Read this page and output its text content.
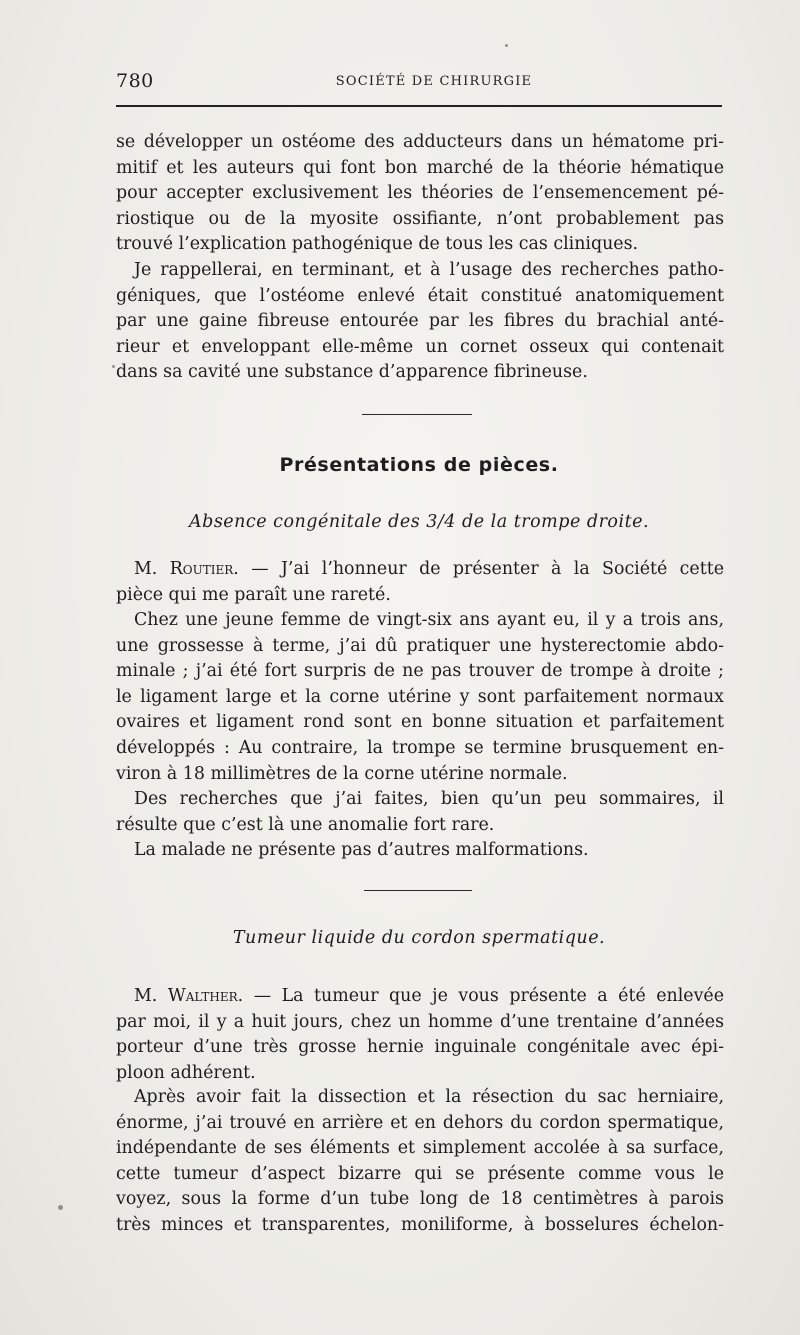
780	SOCIÉTÉ DE CHIRURGIE
se développer un ostéome des adducteurs dans un hématome pri-
mitif et les auteurs qui font bon marché de la théorie hématique
pour accepter exclusivement les théories de l’ensemencement pé-
riostique ou de la myosite ossifiante, n’ont probablement pas
trouvé l’explication pathogénique de tous les cas cliniques.
Je rappellerai, en terminant, et à l’usage des recherches patho-
géniques, que l’ostéome enlevé était constitué anatomiquement
par une gaine fibreuse entourée par les fibres du brachial anté-
rieur et enveloppant elle-même un cornet osseux qui contenait
dans sa cavité une substance d’apparence fibrineuse.
Présentations de pièces.
Absence congénitale des 3/4 de la trompe droite.
M. Routier. — J’ai l’honneur de présenter à la Société cette
pièce qui me paraît une rareté.
Chez une jeune femme de vingt-six ans ayant eu, il y a trois ans,
une grossesse à terme, j’ai dû pratiquer une hysterectomie abdo-
minale ; j’ai été fort surpris de ne pas trouver de trompe à droite ;
le ligament large et la corne utérine y sont parfaitement normaux
ovaires et ligament rond sont en bonne situation et parfaitement
développés : Au contraire, la trompe se termine brusquement en-
viron à 18 millimètres de la corne utérine normale.
Des recherches que j’ai faites, bien qu’un peu sommaires, il
résulte que c’est là une anomalie fort rare.
La malade ne présente pas d’autres malformations.
Tumeur liquide du cordon spermatique.
M. Walther. — La tumeur que je vous présente a été enlevée
par moi, il y a huit jours, chez un homme d’une trentaine d’années
porteur d’une très grosse hernie inguinale congénitale avec épi-
ploon adhérent.
Après avoir fait la dissection et la résection du sac herniaire,
énorme, j’ai trouvé en arrière et en dehors du cordon spermatique,
indépendante de ses éléments et simplement accolée à sa surface,
cette tumeur d’aspect bizarre qui se présente comme vous le
voyez, sous la forme d’un tube long de 18 centimètres à parois
très minces et transparentes, moniliforme, à bosselures échelon-
